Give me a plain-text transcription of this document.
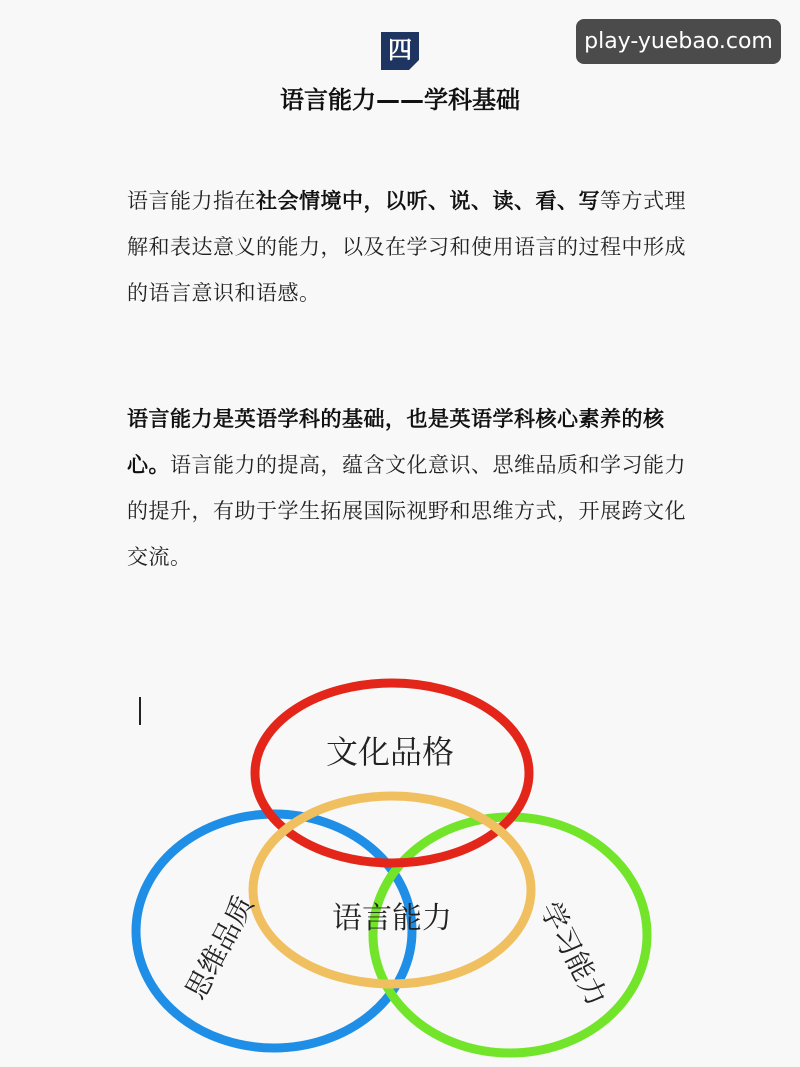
play-yuebao.com
四
语言能力——学科基础
语言能力指在社会情境中，以听、说、读、看、写等方式理解和表达意义的能力，以及在学习和使用语言的过程中形成的语言意识和语感。
语言能力是英语学科的基础，也是英语学科核心素养的核心。语言能力的提高，蕴含文化意识、思维品质和学习能力的提升，有助于学生拓展国际视野和思维方式，开展跨文化交流。
文化品格
语言能力
思维品质	学习能力
